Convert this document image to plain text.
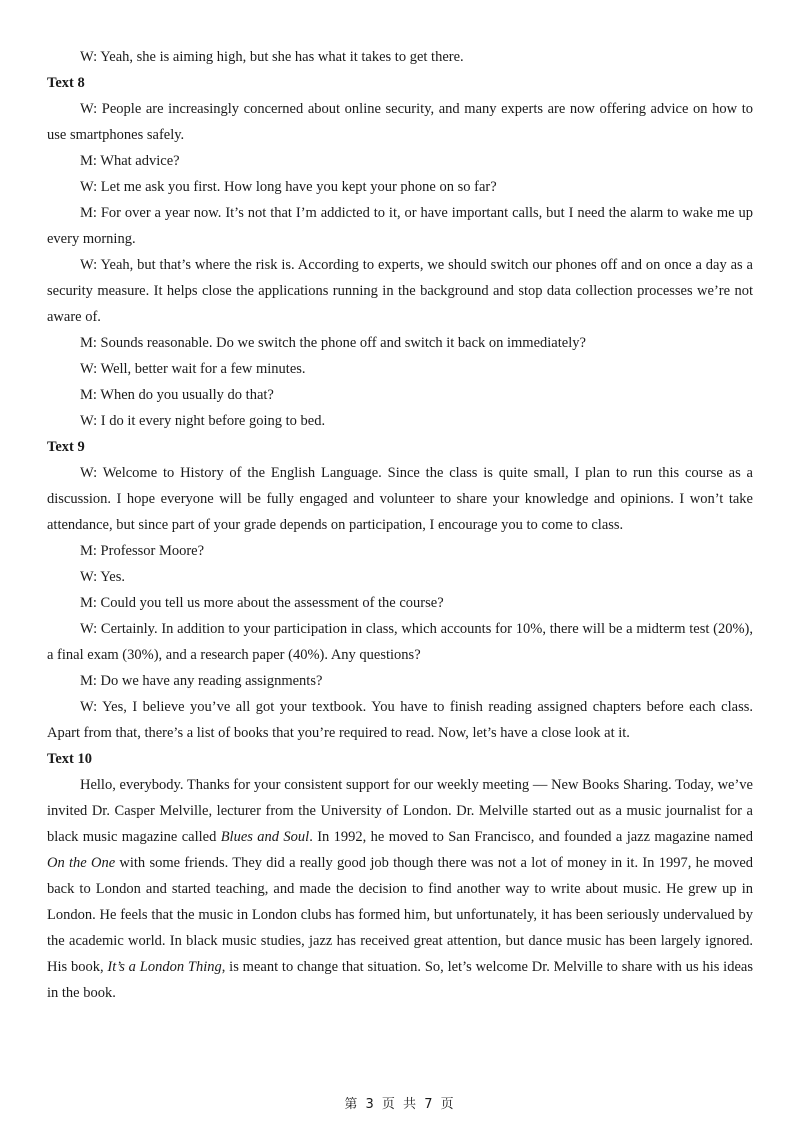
W: Yeah, she is aiming high, but she has what it takes to get there.

Text 8

W: People are increasingly concerned about online security, and many experts are now offering advice on how to use smartphones safely.

M: What advice?

W: Let me ask you first. How long have you kept your phone on so far?

M: For over a year now. It’s not that I’m addicted to it, or have important calls, but I need the alarm to wake me up every morning.

W: Yeah, but that’s where the risk is. According to experts, we should switch our phones off and on once a day as a security measure. It helps close the applications running in the background and stop data collection processes we’re not aware of.

M: Sounds reasonable. Do we switch the phone off and switch it back on immediately?

W: Well, better wait for a few minutes.

M: When do you usually do that?

W: I do it every night before going to bed.

Text 9

W: Welcome to History of the English Language. Since the class is quite small, I plan to run this course as a discussion. I hope everyone will be fully engaged and volunteer to share your knowledge and opinions. I won’t take attendance, but since part of your grade depends on participation, I encourage you to come to class.

M: Professor Moore?

W: Yes.

M: Could you tell us more about the assessment of the course?

W: Certainly. In addition to your participation in class, which accounts for 10%, there will be a midterm test (20%), a final exam (30%), and a research paper (40%). Any questions?

M: Do we have any reading assignments?

W: Yes, I believe you’ve all got your textbook. You have to finish reading assigned chapters before each class. Apart from that, there’s a list of books that you’re required to read. Now, let’s have a close look at it.

Text 10

Hello, everybody. Thanks for your consistent support for our weekly meeting — New Books Sharing. Today, we’ve invited Dr. Casper Melville, lecturer from the University of London. Dr. Melville started out as a music journalist for a black music magazine called Blues and Soul. In 1992, he moved to San Francisco, and founded a jazz magazine named On the One with some friends. They did a really good job though there was not a lot of money in it. In 1997, he moved back to London and started teaching, and made the decision to find another way to write about music. He grew up in London. He feels that the music in London clubs has formed him, but unfortunately, it has been seriously undervalued by the academic world. In black music studies, jazz has received great attention, but dance music has been largely ignored. His book, It’s a London Thing, is meant to change that situation. So, let’s welcome Dr. Melville to share with us his ideas in the book.

第 3 页 共 7 页
